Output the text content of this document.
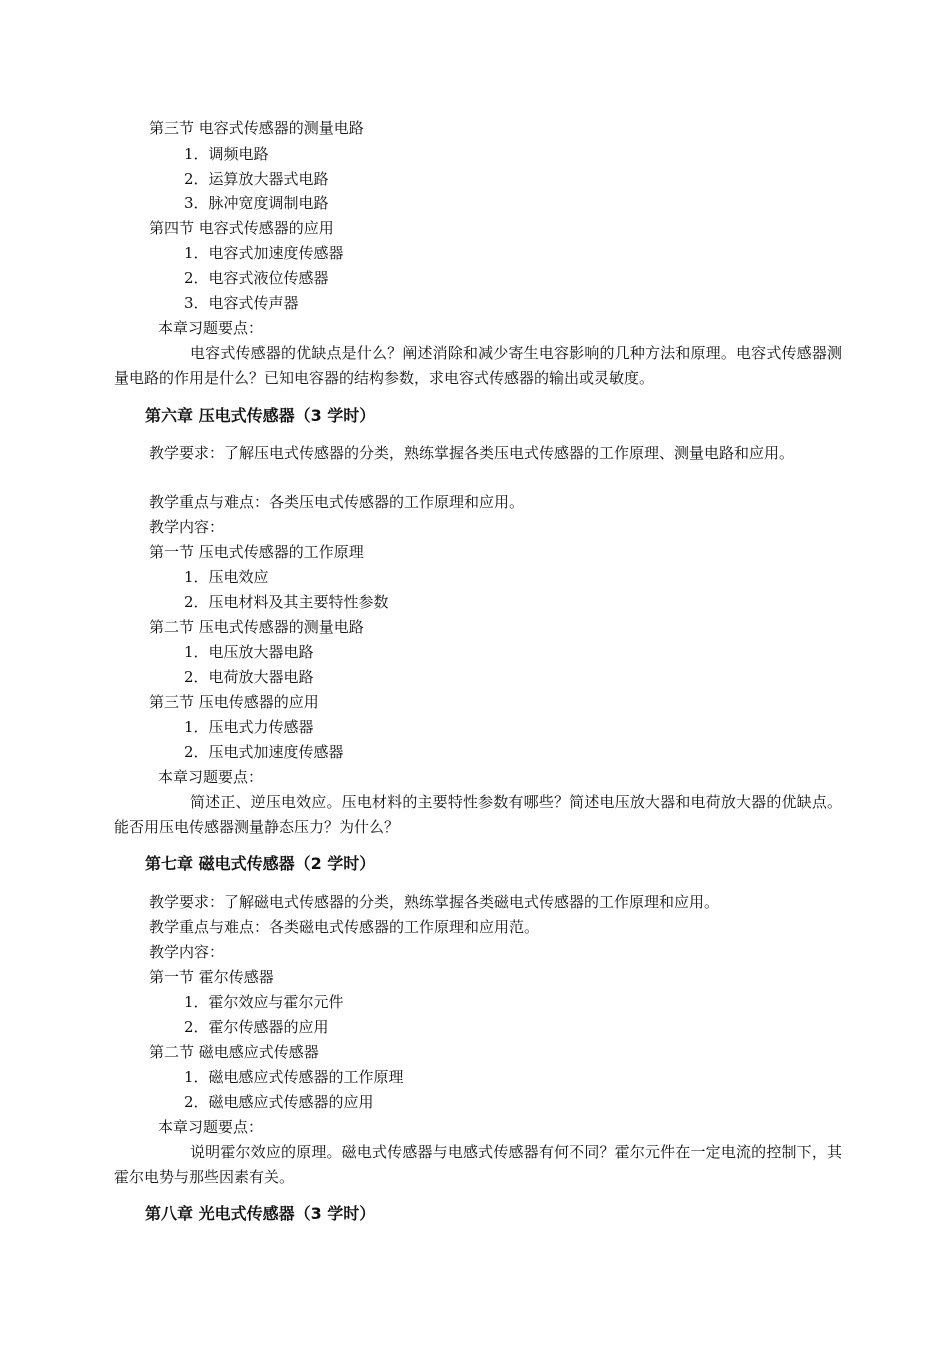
第三节 电容式传感器的测量电路
1．调频电路
2．运算放大器式电路
3．脉冲宽度调制电路
第四节 电容式传感器的应用
1．电容式加速度传感器
2．电容式液位传感器
3．电容式传声器
本章习题要点：
电容式传感器的优缺点是什么？阐述消除和减少寄生电容影响的几种方法和原理。电容式传感器测量电路的作用是什么？已知电容器的结构参数，求电容式传感器的输出或灵敏度。
第六章 压电式传感器（3 学时）
教学要求：了解压电式传感器的分类，熟练掌握各类压电式传感器的工作原理、测量电路和应用。
教学重点与难点：各类压电式传感器的工作原理和应用。
教学内容：
第一节 压电式传感器的工作原理
1．压电效应
2．压电材料及其主要特性参数
第二节 压电式传感器的测量电路
1．电压放大器电路
2．电荷放大器电路
第三节 压电传感器的应用
1．压电式力传感器
2．压电式加速度传感器
本章习题要点：
简述正、逆压电效应。压电材料的主要特性参数有哪些？简述电压放大器和电荷放大器的优缺点。能否用压电传感器测量静态压力？为什么？
第七章 磁电式传感器（2 学时）
教学要求：了解磁电式传感器的分类，熟练掌握各类磁电式传感器的工作原理和应用。
教学重点与难点：各类磁电式传感器的工作原理和应用范。
教学内容：
第一节 霍尔传感器
1．霍尔效应与霍尔元件
2．霍尔传感器的应用
第二节 磁电感应式传感器
1．磁电感应式传感器的工作原理
2．磁电感应式传感器的应用
本章习题要点：
说明霍尔效应的原理。磁电式传感器与电感式传感器有何不同？霍尔元件在一定电流的控制下，其霍尔电势与那些因素有关。
第八章 光电式传感器（3 学时）
